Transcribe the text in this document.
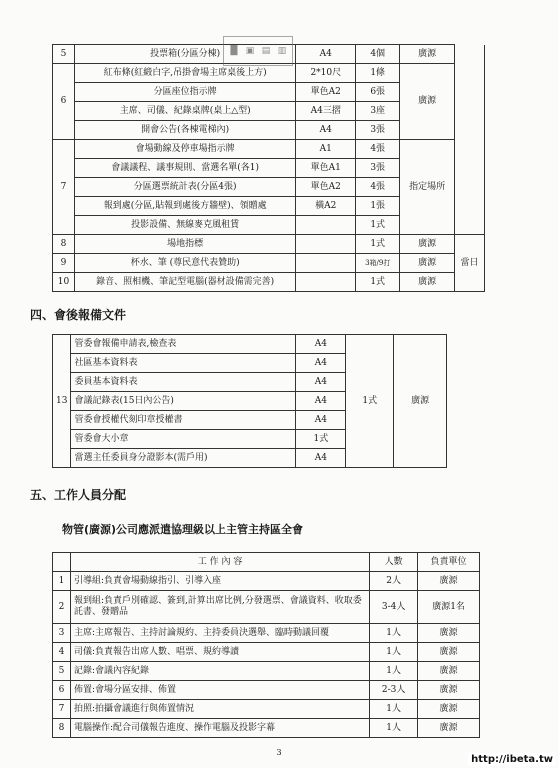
5	投票箱(分區分棟)	A4	4個	廣源	
6	紅布條(紅緞白字,吊掛會場主席桌後上方)	2*10尺	1條	廣源	
	分區座位指示牌	單色A2	6張		
	主席、司儀、紀錄桌牌(桌上△型)	A4三摺	3座		
	開會公告(各棟電梯內)	A4	3張		
7	會場動線及停車場指示牌	A1	4張	指定場所	
	會議議程、議事規則、當選名單(各1)	單色A1	3張		
	分區選票統計表(分區4張)	單色A2	4張		
	報到處(分區,貼報到處後方牆壁)、領贈處	橫A2	1張		
	投影設備、無線麥克風租賃		1式		
8	場地指標		1式	廣源	當日
9	杯水、筆 (尊民意代表贊助)		3箱/9打	廣源	
10	錄音、照相機、筆記型電腦(器材設備需完善)		1式	廣源	
█ ▣ ▤ ▥
四、會後報備文件
13	管委會報備申請表,檢查表	A4	1式	廣源
	社區基本資料表	A4		
	委員基本資料表	A4		
	會議記錄表(15日內公告)	A4		
	管委會授權代刻印章授權書	A4		
	管委會大小章	1式		
	當選主任委員身分證影本(需戶用)	A4		
五、工作人員分配
物管(廣源)公司應派遣協理級以上主管主持區全會
	工 作 內 容	人數	負責單位
1	引導組:負責會場動線指引、引導入座	2人	廣源
2	報到組:負責戶別確認、簽到,計算出席比例,分發選票、會議資料、收取委託書、發贈品	3-4人	廣源1名
3	主席:主席報告、主持討論規約、主持委員決選舉、臨時動議回覆	1人	廣源
4	司儀:負責報告出席人數、唱票、規約導讀	1人	廣源
5	記錄:會議內容紀錄	1人	廣源
6	佈置:會場分區安排、佈置	2-3人	廣源
7	拍照:拍攝會議進行與佈置情況	1人	廣源
8	電腦操作:配合司儀報告進度、操作電腦及投影字幕	1人	廣源
3
http://ibeta.tw
